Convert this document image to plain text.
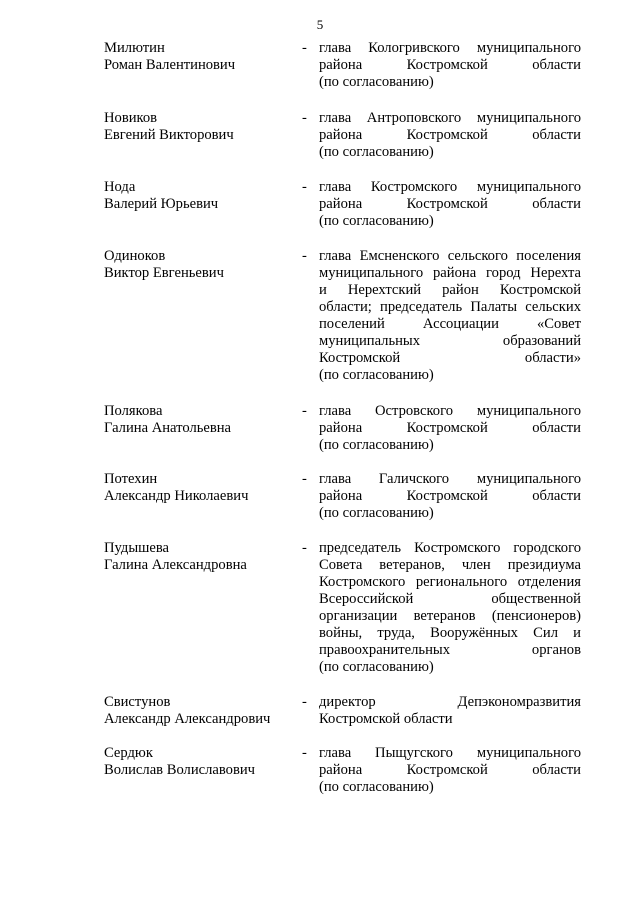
5
Милютин
Роман Валентинович
- глава Кологривского муниципального
района Костромской области
(по согласованию)
Новиков
Евгений Викторович
- глава Антроповского муниципального
района Костромской области
(по согласованию)
Нода
Валерий Юрьевич
- глава Костромского муниципального
района Костромской области
(по согласованию)
Одиноков
Виктор Евгеньевич
- глава Емсненского сельского поселения
муниципального района город Нерехта
и Нерехтский район Костромской
области; председатель Палаты сельских
поселений Ассоциации «Совет
муниципальных образований
Костромской области»
(по согласованию)
Полякова
Галина Анатольевна
- глава Островского муниципального
района Костромской области
(по согласованию)
Потехин
Александр Николаевич
- глава Галичского муниципального
района Костромской области
(по согласованию)
Пудышева
Галина Александровна
- председатель Костромского городского
Совета ветеранов, член президиума
Костромского регионального отделения
Всероссийской общественной
организации ветеранов (пенсионеров)
войны, труда, Вооружённых Сил и
правоохранительных органов
(по согласованию)
Свистунов
Александр Александрович
- директор Депэкономразвития
Костромской области
Сердюк
Волислав Волиславович
- глава Пыщугского муниципального
района Костромской области
(по согласованию)
